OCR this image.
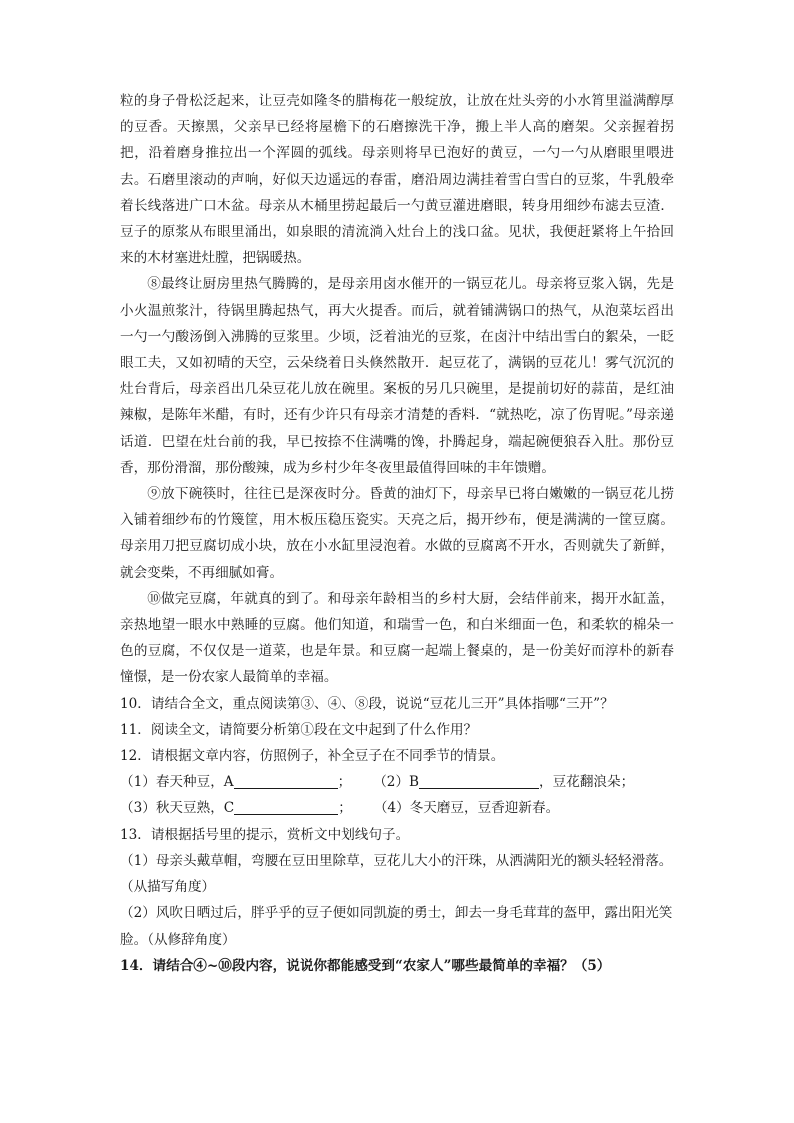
粒的身子骨松泛起来，让豆壳如隆冬的腊梅花一般绽放，让放在灶头旁的小水筲里溢满醇厚的豆香。天擦黑，父亲早已经将屋檐下的石磨擦洗干净，搬上半人高的磨架。父亲握着拐把，沿着磨身推拉出一个浑圆的弧线。母亲则将早已泡好的黄豆，一勺一勺从磨眼里喂进去。石磨里滚动的声响，好似天边遥远的春雷，磨沿周边满挂着雪白雪白的豆浆，牛乳般牵着长线落进广口木盆。母亲从木桶里捞起最后一勺黄豆灌进磨眼，转身用细纱布滤去豆渣．豆子的原浆从布眼里涌出，如泉眼的清流淌入灶台上的浅口盆。见状，我便赶紧将上午拾回来的木材塞进灶膛，把锅暖热。

⑧最终让厨房里热气腾腾的，是母亲用卤水催开的一锅豆花儿。母亲将豆浆入锅，先是小火温煎浆汁，待锅里腾起热气，再大火提香。而后，就着铺满锅口的热气，从泡菜坛舀出一勺一勺酸汤倒入沸腾的豆浆里。少顷，泛着油光的豆浆，在卤汁中结出雪白的絮朵，一眨眼工夫，又如初晴的天空，云朵绕着日头倏然散开．起豆花了，满锅的豆花儿！雾气沉沉的灶台背后，母亲舀出几朵豆花儿放在碗里。案板的另几只碗里，是提前切好的蒜苗，是红油辣椒，是陈年米醋，有时，还有少许只有母亲才清楚的香料．“就热吃，凉了伤胃呢。”母亲递话道．巴望在灶台前的我，早已按捺不住满嘴的馋，扑腾起身，端起碗便狼吞入肚。那份豆香，那份滑溜，那份酸辣，成为乡村少年冬夜里最值得回味的丰年馈赠。

⑨放下碗筷时，往往已是深夜时分。昏黄的油灯下，母亲早已将白嫩嫩的一锅豆花儿捞入铺着细纱布的竹篾筐，用木板压稳压瓷实。天亮之后，揭开纱布，便是满满的一筐豆腐。母亲用刀把豆腐切成小块，放在小水缸里浸泡着。水做的豆腐离不开水，否则就失了新鲜，就会变柴，不再细腻如膏。

⑩做完豆腐，年就真的到了。和母亲年龄相当的乡村大厨，会结伴前来，揭开水缸盖，亲热地望一眼水中熟睡的豆腐。他们知道，和瑞雪一色，和白米细面一色，和柔软的棉朵一色的豆腐，不仅仅是一道菜，也是年景。和豆腐一起端上餐桌的，是一份美好而淳朴的新春憧憬，是一份农家人最简单的幸福。

10．请结合全文，重点阅读第③、④、⑧段，说说“豆花儿三开”具体指哪“三开”？

11．阅读全文，请简要分析第①段在文中起到了什么作用？

12．请根据文章内容，仿照例子，补全豆子在不同季节的情景。

（1）春天种豆，A	； （2）B	，豆花翻浪朵；

（3）秋天豆熟，C	； （4）冬天磨豆，豆香迎新春。

13．请根据括号里的提示，赏析文中划线句子。

（1）母亲头戴草帽，弯腰在豆田里除草，豆花儿大小的汗珠，从洒满阳光的额头轻轻滑落。（从描写角度）

（2）风吹日晒过后，胖乎乎的豆子便如同凯旋的勇士，卸去一身毛茸茸的盔甲，露出阳光笑脸。（从修辞角度）

14．请结合④~⑩段内容，说说你都能感受到“农家人”哪些最简单的幸福？（5）
